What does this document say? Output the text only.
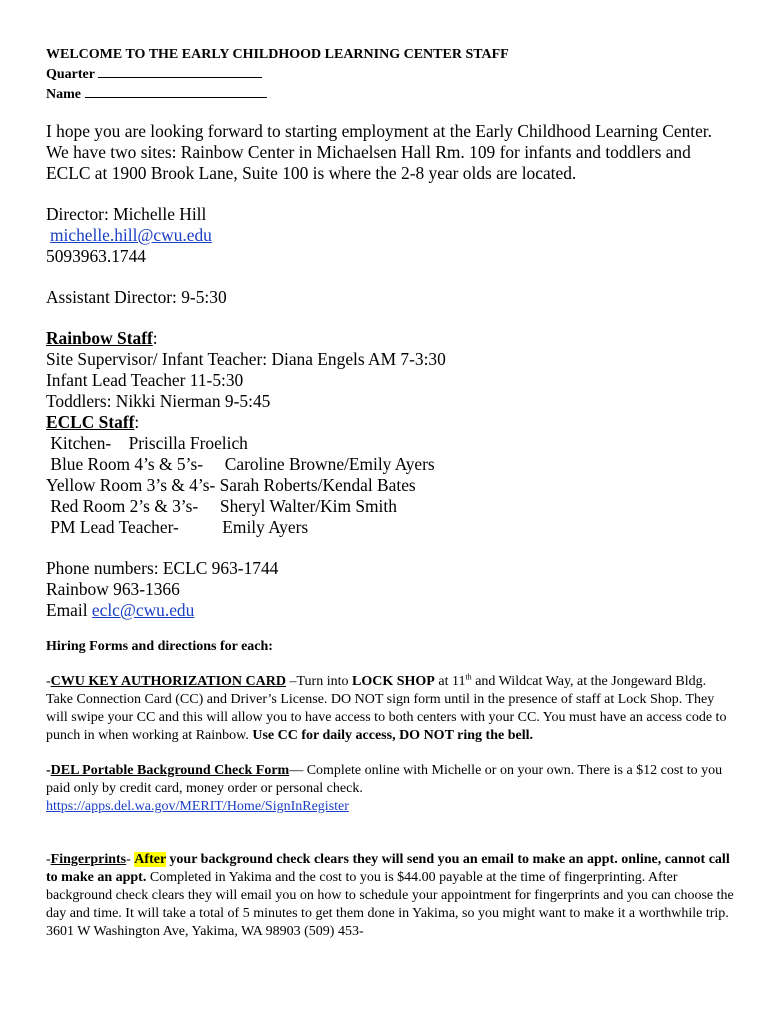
WELCOME TO THE EARLY CHILDHOOD LEARNING CENTER STAFF
Quarter
Name
I hope you are looking forward to starting employment at the Early Childhood Learning Center. We have two sites: Rainbow Center in Michaelsen Hall Rm. 109 for infants and toddlers and ECLC at 1900 Brook Lane, Suite 100 is where the 2-8 year olds are located.
Director: Michelle Hill
michelle.hill@cwu.edu
5093963.1744
Assistant Director: 9-5:30
Rainbow Staff:
Site Supervisor/ Infant Teacher: Diana Engels AM 7-3:30
Infant Lead Teacher 11-5:30
Toddlers: Nikki Nierman 9-5:45
ECLC Staff:
Kitchen-    Priscilla Froelich
Blue Room 4’s & 5’s-     Caroline Browne/Emily Ayers
Yellow Room 3’s & 4’s- Sarah Roberts/Kendal Bates
Red Room 2’s & 3’s-     Sheryl Walter/Kim Smith
PM Lead Teacher-          Emily Ayers
Phone numbers: ECLC 963-1744
Rainbow 963-1366
Email eclc@cwu.edu
Hiring Forms and directions for each:
-CWU KEY AUTHORIZATION CARD –Turn into LOCK SHOP at 11th and Wildcat Way, at the Jongeward Bldg. Take Connection Card (CC) and Driver’s License. DO NOT sign form until in the presence of staff at Lock Shop. They will swipe your CC and this will allow you to have access to both centers with your CC. You must have an access code to punch in when working at Rainbow. Use CC for daily access, DO NOT ring the bell.
-DEL Portable Background Check Form— Complete online with Michelle or on your own. There is a $12 cost to you paid only by credit card, money order or personal check.
https://apps.del.wa.gov/MERIT/Home/SignInRegister
-Fingerprints- After your background check clears they will send you an email to make an appt. online, cannot call to make an appt. Completed in Yakima and the cost to you is $44.00 payable at the time of fingerprinting. After background check clears they will email you on how to schedule your appointment for fingerprints and you can choose the day and time. It will take a total of 5 minutes to get them done in Yakima, so you might want to make it a worthwhile trip. 3601 W Washington Ave, Yakima, WA 98903 (509) 453-
